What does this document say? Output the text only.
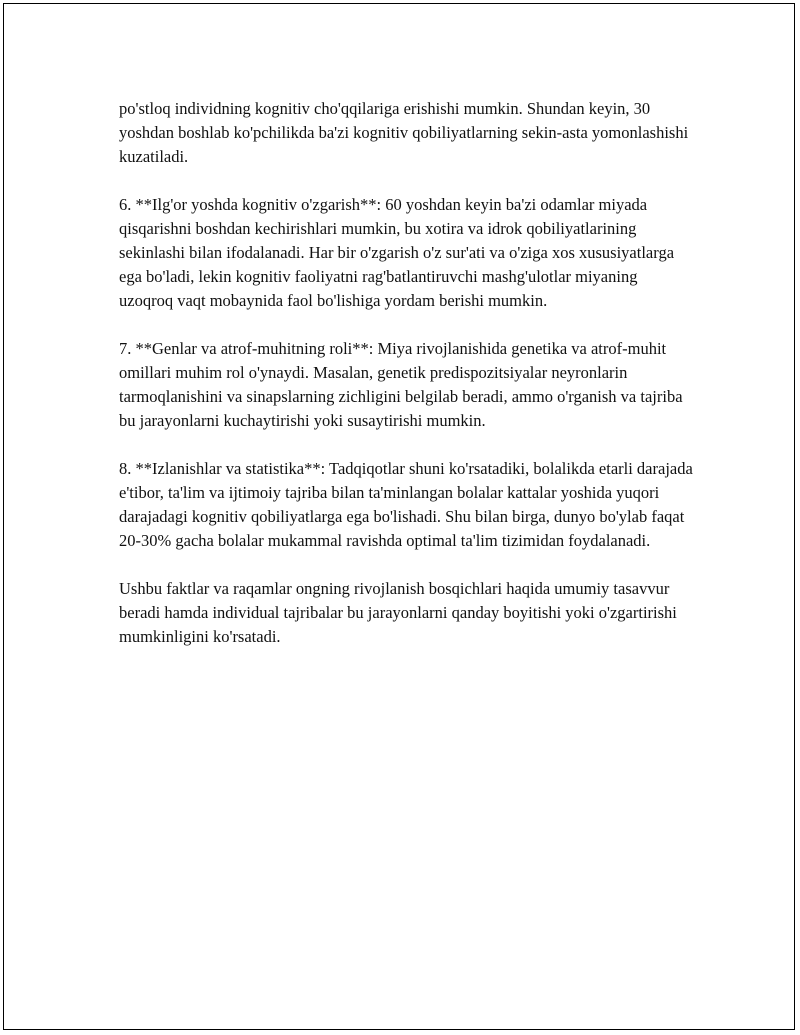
po'stloq individning kognitiv cho'qqilariga erishishi mumkin. Shundan keyin, 30 yoshdan boshlab ko'pchilikda ba'zi kognitiv qobiliyatlarning sekin-asta yomonlashishi kuzatiladi.

6. **Ilg'or yoshda kognitiv o'zgarish**: 60 yoshdan keyin ba'zi odamlar miyada qisqarishni boshdan kechirishlari mumkin, bu xotira va idrok qobiliyatlarining sekinlashi bilan ifodalanadi. Har bir o'zgarish o'z sur'ati va o'ziga xos xususiyatlarga ega bo'ladi, lekin kognitiv faoliyatni rag'batlantiruvchi mashg'ulotlar miyaning uzoqroq vaqt mobaynida faol bo'lishiga yordam berishi mumkin.

7. **Genlar va atrof-muhitning roli**: Miya rivojlanishida genetika va atrof-muhit omillari muhim rol o'ynaydi. Masalan, genetik predispozitsiyalar neyronlarin tarmoqlanishini va sinapslarning zichligini belgilab beradi, ammo o'rganish va tajriba bu jarayonlarni kuchaytirishi yoki susaytirishi mumkin.

8. **Izlanishlar va statistika**: Tadqiqotlar shuni ko'rsatadiki, bolalikda etarli darajada e'tibor, ta'lim va ijtimoiy tajriba bilan ta'minlangan bolalar kattalar yoshida yuqori darajadagi kognitiv qobiliyatlarga ega bo'lishadi. Shu bilan birga, dunyo bo'ylab faqat 20-30% gacha bolalar mukammal ravishda optimal ta'lim tizimidan foydalanadi.

Ushbu faktlar va raqamlar ongning rivojlanish bosqichlari haqida umumiy tasavvur beradi hamda individual tajribalar bu jarayonlarni qanday boyitishi yoki o'zgartirishi mumkinligini ko'rsatadi.
